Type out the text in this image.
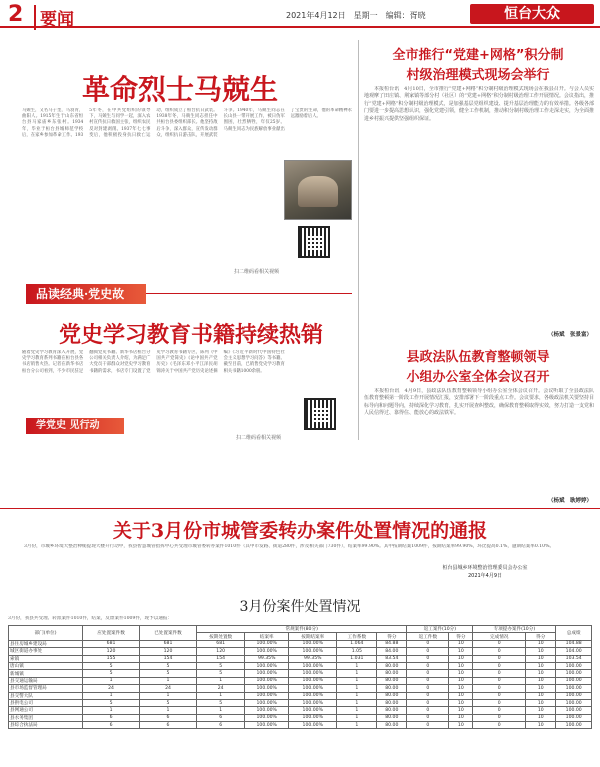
2 要闻	2021年4月12日　星期一　编辑：胥晓	恒台大众
革命烈士马兢生
马兢生，又名马子奎，马羽青，曲阳人。1915年生于山东省恒台县马家庙乡东张村。1934年，毕业于桓台县城师范学校后，在家乡参加革命工作。1935年冬，在中共党组织的领导下，马兢生与同学一起，深入农村宣传抗日救国主张，组织农民反对封建剥削。1937年七七事变后，他积极投身抗日救亡运动，组织成立了桓台抗日武装。1938年冬，马兢生同志担任中共桓台县委组织部长。他坚持敌后斗争，深入群众，宣传发动群众，组织抗日游击队，开展武装斗争。1940年，马兢生同志在长山县一带开展工作，被日伪军围困，壮烈牺牲，年仅25岁。马兢生同志为民族解放事业献出了宝贵的生命，他的革命精神永远激励着后人。
扫二维码看相关视频
品读经典·党史故事
党史学习教育书籍持续热销
随着党史学习教育深入开展，党史学习教育系列书籍在桓台县各书店销售火热。记者在新华书店桓台分公司看到，不少市民驻足翻阅党史书籍。新华书店桓台分公司相关负责人介绍，为满足广大党员干部群众对党史学习教育书籍的需求，书店专门设置了党史学习教育书籍专区，陈列《中国共产党简史》《论中国共产党历史》《毛泽东邓小平江泽民胡锦涛关于中国共产党历史论述摘编》《习近平新时代中国特色社会主义思想学习问答》等书籍。截至目前，已销售党史学习教育相关书籍1000余册。
学党史 见行动
扫二维码看相关视频
全市推行“党建+网格”积分制
村级治理模式现场会举行
本报桓台讯　4月10日，全市推行“党建+网格”积分制村级治理模式现场会在我县召开。与会人员实地观摩了田庄镇、荆家镇等部分村（社区）的“党建+网格”积分制村级治理工作开展情况。会议指出，推行“党建+网格”积分制村级治理模式，是加强基层党组织建设、提升基层治理能力的有效举措。各级各部门要进一步提高思想认识，强化党建引领，健全工作机制，推动积分制村级治理工作走深走实，为全面推进乡村振兴提供坚强组织保证。
（杨斌　张景富）
县政法队伍教育整顿领导
小组办公室全体会议召开
本报桓台讯　4月9日，县政法队伍教育整顿领导小组办公室全体会议召开。会议听取了全县政法队伍教育整顿第一阶段工作开展情况汇报，安排部署下一阶段重点工作。会议要求，各级政法机关要坚持目标导向和问题导向，持续深化学习教育，扎实开展查纠整改，确保教育整顿取得实效，努力打造一支党和人民信得过、靠得住、能放心的政法铁军。
（杨斌　耿婷婷）
关于3月份市城管委转办案件处置情况的通报
3月份，市城乡环境大整治棒槌提现大楼升行动中，我县智慧城管指挥中心共受理市城管委转办案件1010件（其中市发路、街道280件，涉及相关部门730件），结案率99.90%。其中按期结案1009件，按期结案率99.90%，环比提高0.1%，逾期结案率0.10%。
桓台县城乡环境整治管理委员会办公室
2021年4月9日
3月份案件处置情况
3月份，我县共受理、转派案件1010件，结案，反馈案件1009件，现予以通报：
部门(单位)	应处置案件数	已处置案件数	常规案件(80分)					返工案件(10分)		专项提办案件(10分)		总成绩
			按期处置数	结案率	按期结案率	工作系数	得分	返工件数	得分	完成情况	得分	
县住房城乡建设局	681	681	681	100.00%	100.00%	1.064	84.88	0	10	0	10	104.88
城区街道办事处	120	120	120	100.00%	100.00%	1.05	84.00	0	10	0	10	104.00
索镇	155	154	154	99.35%	99.35%	1.031	83.54	0	10	0	10	103.54
唐山镇	5	5	5	100.00%	100.00%	1	80.00	0	10	0	10	100.00
新城镇	5	5	5	100.00%	100.00%	1	80.00	0	10	0	10	100.00
县交通运输局	1	1	1	100.00%	100.00%	1	80.00	0	10	0	10	100.00
县市场监督管理局	24	24	24	100.00%	100.00%	1	80.00	0	10	0	10	100.00
县交警大队	1	1	1	100.00%	100.00%	1	80.00	0	10	0	10	100.00
县供电公司	5	5	5	100.00%	100.00%	1	80.00	0	10	0	10	100.00
县网通公司	1	1	1	100.00%	100.00%	1	80.00	0	10	0	10	100.00
县水务集团	6	6	6	100.00%	100.00%	1	80.00	0	10	0	10	100.00
县综合执法局	6	6	6	100.00%	100.00%	1	80.00	0	10	0	10	100.00
